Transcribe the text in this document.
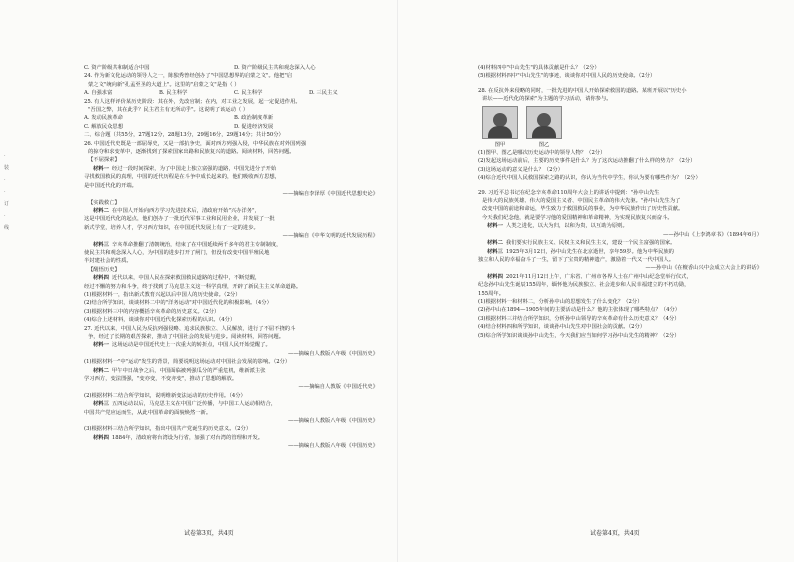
·
装
·
·
订
·
线
C. 资产阶级共和制适合中国	D. 资产阶级民主共和观念深入人心
24. 作为新文化运动的领导人之一，陈独秀曾经创办了"中国思想界的启蒙之文"。他把"启
蒙之文"统向新"孔孟至圣的大道上"。这里的"启蒙之文"是指（ ）
A. 自强求富	B. 民主科学	C. 民主科学	D. 三民主义
25. 有人这样评价某历史阶段：其在外，先改官制；在内，对工业之发展，起一定促进作用。
"吾国之弊，其在此乎？民主君主有无所动乎"。这说明了该运动（ ）
A. 发动民族革命	B. 政治制度革新
C. 解放民众思想	D. 促进经济发展
二、综合题（共55分，27题12分，28题13分，29题16分，29题14分；共计50分）
26. 中国近代史既是一部屈辱史，又是一部抗争史，面对西方列强入侵，中华民族在对外国列强
的掠夺和求变革中，逐渐找到了探索国家出路和民族复兴的道路。阅读材料，回答问题。
【不屈探索】
材料一 经过一段时间探索，为了中国走上独立富强的道路，中国先进分子开始
寻找救国救民的真理，中国的近代历程是在斗争中成长起来的，他们吸收西方思想，
是中国近代化的开端。
——摘编自李泽厚《中国近代思想史论》
【实践救亡】
材料二 在中国人开始向西方学习先进技术后，清政府开始"兴办洋务"，
这是中国近代化的起点，他们创办了一批近代军事工业和民用企业，并发展了一批
新式学堂，培养人才，学习西方知识，在中国近代发展上有了一定的进步。
——摘编自《中华文明的近代发展历程》
材料三 辛亥革命推翻了清朝统治，结束了在中国延续两千多年的君主专制制度，
使民主共和观念深入人心，为中国的进步打开了闸门，但没有改变中国半殖民地
半封建社会的性质。
【醒悟历史】
材料四 近代以来，中国人民在探索救国救民道路的过程中，不断觉醒，
经过不懈的努力和斗争，终于找到了马克思主义这一科学真理，开辟了新民主主义革命道路。
(1)根据材料一，指出新式教育兴起以后中国人的历史使命。（2分）
(2)结合所学知识，谈谈材料二中的"洋务运动"对中国近代化的积极影响。（4分）
(3)根据材料三中的内容概括辛亥革命的历史意义。（2分）
(4)综合上述材料，谈谈你对中国近代化探索历程的认识。（4分）
27. 近代以来，中国人民为反抗列强侵略、追求民族独立、人民解放，进行了不屈不挠的斗
争，经过了长期的艰苦探索，推动了中国社会的发展与进步。阅读材料，回答问题。
材料一 这场运动是中国近代史上一次重大的转折点，中国人民开始觉醒了。
——摘编自人教版八年级《中国历史》
(1)根据材料一"中"运动"发生的背景，简要说明这场运动对中国社会发展的影响。（2分）
材料二 甲午中日战争之后，中国面临被列强瓜分的严重危机，维新派主张
学习西方，变法图强，"变亦变，不变亦变"，推动了思想的解放。
——摘编自人教版《中国近代史》
(2)根据材料二结合所学知识，说明维新变法运动的历史作用。（4分）
材料三 五四运动以后，马克思主义在中国广泛传播，与中国工人运动相结合，
中国共产党应运而生，从此中国革命的面貌焕然一新。
——摘编自人教版八年级《中国历史》
(3)根据材料三结合所学知识，指出中国共产党诞生的历史意义。（2分）
材料四 1884年，清政府将台湾设为行省，加强了对台湾的管理和开发。
——摘编自人教版八年级《中国历史》
(4)材料四中"中山先生"的具体贡献是什么？（2分）
(5)根据材料四中"中山先生"的事迹，谈谈你对中国人民的历史使命。（2分）
28. 在反抗外来侵略的同时，一批先进的中国人开始探索救国的道路。某班开展以"历史小
讲坛——近代化的探索"为主题的学习活动，请你参与。
图甲	图乙
(1)图甲、图乙是哪次历史运动中的领导人物？（2分）
(2)发起这场运动前后，主要的历史事件是什么？为了这次运动推翻了什么样的势力？（2分）
(3)这场运动的意义是什么？（2分）
(4)综合近代中国人民救国探索之路的认识，你认为当代中学生，你认为要有哪些作为？（2分）
29. 习近平总书记在纪念辛亥革命110周年大会上的讲话中提到："孙中山先生
是伟大的民族英雄、伟大的爱国主义者、中国民主革命的伟大先驱。"孙中山先生为了
改变中国的前途和命运，毕生致力于救国救民的事业，为中华民族作出了历史性贡献。
今天我们纪念他，就是要学习他的爱国精神和革命精神，为实现民族复兴而奋斗。
材料一 人类之进化，以大为归，以和为贵，以互助为原则。
——孙中山《上李鸿章书》（1894年6月）
材料二 我们要实行民族主义、民权主义和民生主义，建设一个民主富强的国家。
材料三 1925年3月12日，孙中山先生在北京逝世，享年59岁。他为中华民族的
独立和人民的幸福奋斗了一生，留下了宝贵的精神遗产，激励着一代又一代中国人。
——孙中山《在檀香山兴中会成立大会上的讲话》
材料四 2021年11月12日上午，广东省、广州市各界人士在广州中山纪念堂举行仪式，
纪念孙中山先生诞辰155周年，缅怀他为民族独立、社会进步和人民幸福建立的不朽功勋，
155周年。
(1)根据材料一和材料二，分析孙中山的思想发生了什么变化？（2分）
(2)孙中山在1894—1905年间的主要活动是什么？他的主张体现了哪些特点？（4分）
(3)根据材料三并结合所学知识，分析孙中山领导的辛亥革命有什么历史意义？（4分）
(4)结合材料四和所学知识，谈谈孙中山先生对中国社会的贡献。（2分）
(5)综合所学知识谈谈孙中山先生，今天我们应当如何学习孙中山先生的精神？（2分）
试卷第3页，共4页	试卷第4页，共4页
